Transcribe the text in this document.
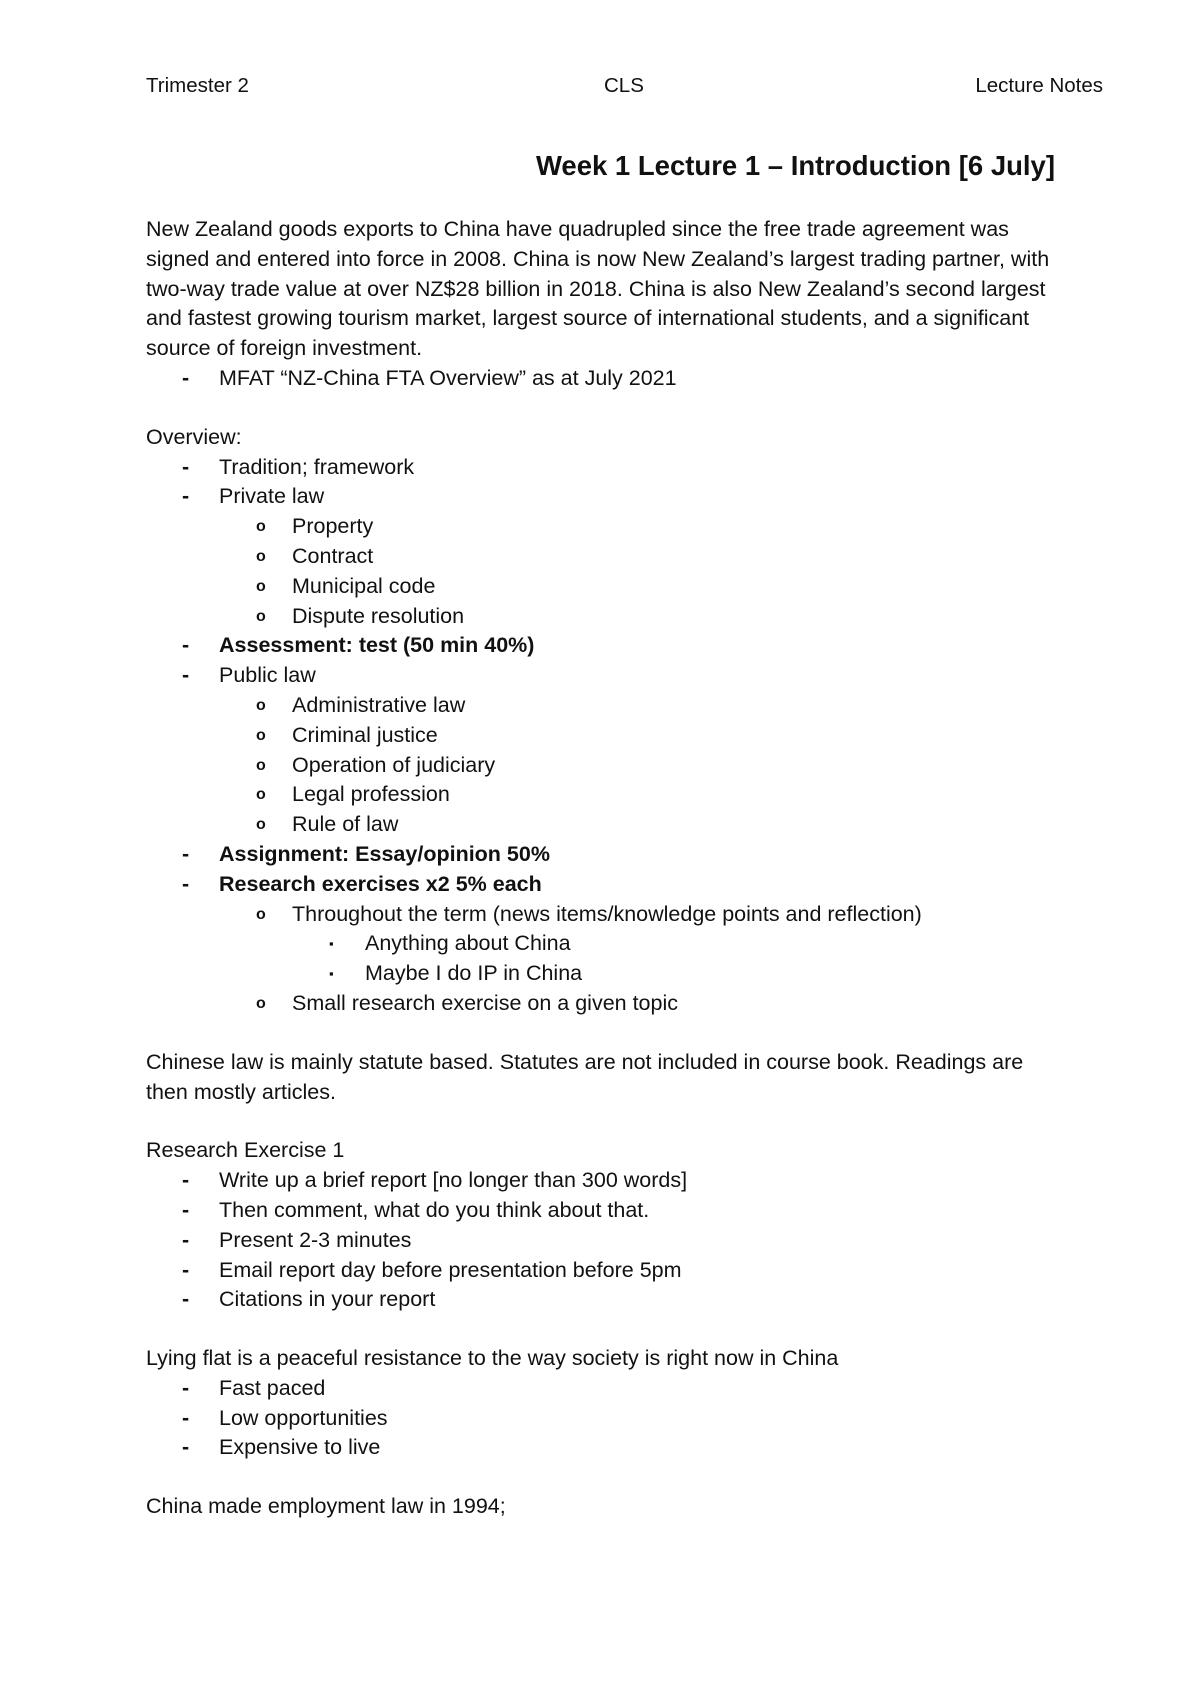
Trimester 2	CLS	Lecture Notes
Week 1 Lecture 1 – Introduction [6 July]

New Zealand goods exports to China have quadrupled since the free trade agreement was signed and entered into force in 2008. China is now New Zealand’s largest trading partner, with two-way trade value at over NZ$28 billion in 2018. China is also New Zealand’s second largest and fastest growing tourism market, largest source of international students, and a significant source of foreign investment.

- MFAT “NZ-China FTA Overview” as at July 2021

Overview:

- Tradition; framework
- Private law
o Property
o Contract
o Municipal code
o Dispute resolution
- Assessment: test (50 min 40%)
- Public law
o Administrative law
o Criminal justice
o Operation of judiciary
o Legal profession
o Rule of law
- Assignment: Essay/opinion 50%
- Research exercises x2 5% each
o Throughout the term (news items/knowledge points and reflection)
▪ Anything about China
▪ Maybe I do IP in China
o Small research exercise on a given topic

Chinese law is mainly statute based. Statutes are not included in course book. Readings are then mostly articles.

Research Exercise 1

- Write up a brief report [no longer than 300 words]
- Then comment, what do you think about that.
- Present 2-3 minutes
- Email report day before presentation before 5pm
- Citations in your report

Lying flat is a peaceful resistance to the way society is right now in China

- Fast paced
- Low opportunities
- Expensive to live

China made employment law in 1994;
